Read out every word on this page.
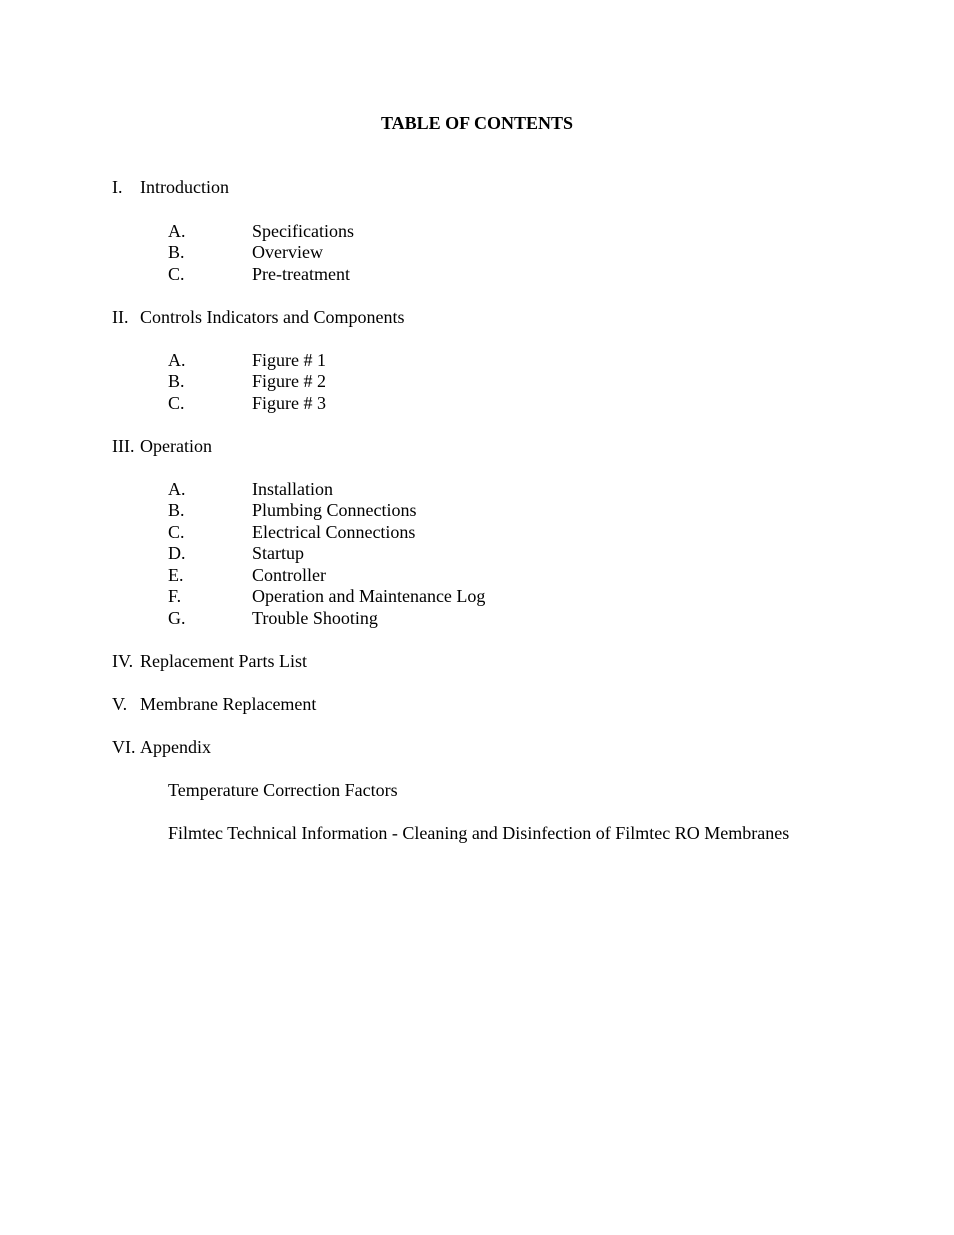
TABLE OF CONTENTS
I. Introduction
A.	Specifications
B.	Overview
C.	Pre-treatment
II. Controls Indicators and Components
A.	Figure # 1
B.	Figure # 2
C.	Figure # 3
III. Operation
A.	Installation
B.	Plumbing Connections
C.	Electrical Connections
D.	Startup
E.	Controller
F.	Operation and Maintenance Log
G.	Trouble Shooting
IV. Replacement Parts List
V. Membrane Replacement
VI. Appendix
Temperature Correction Factors
Filmtec Technical Information - Cleaning and Disinfection of Filmtec RO Membranes
